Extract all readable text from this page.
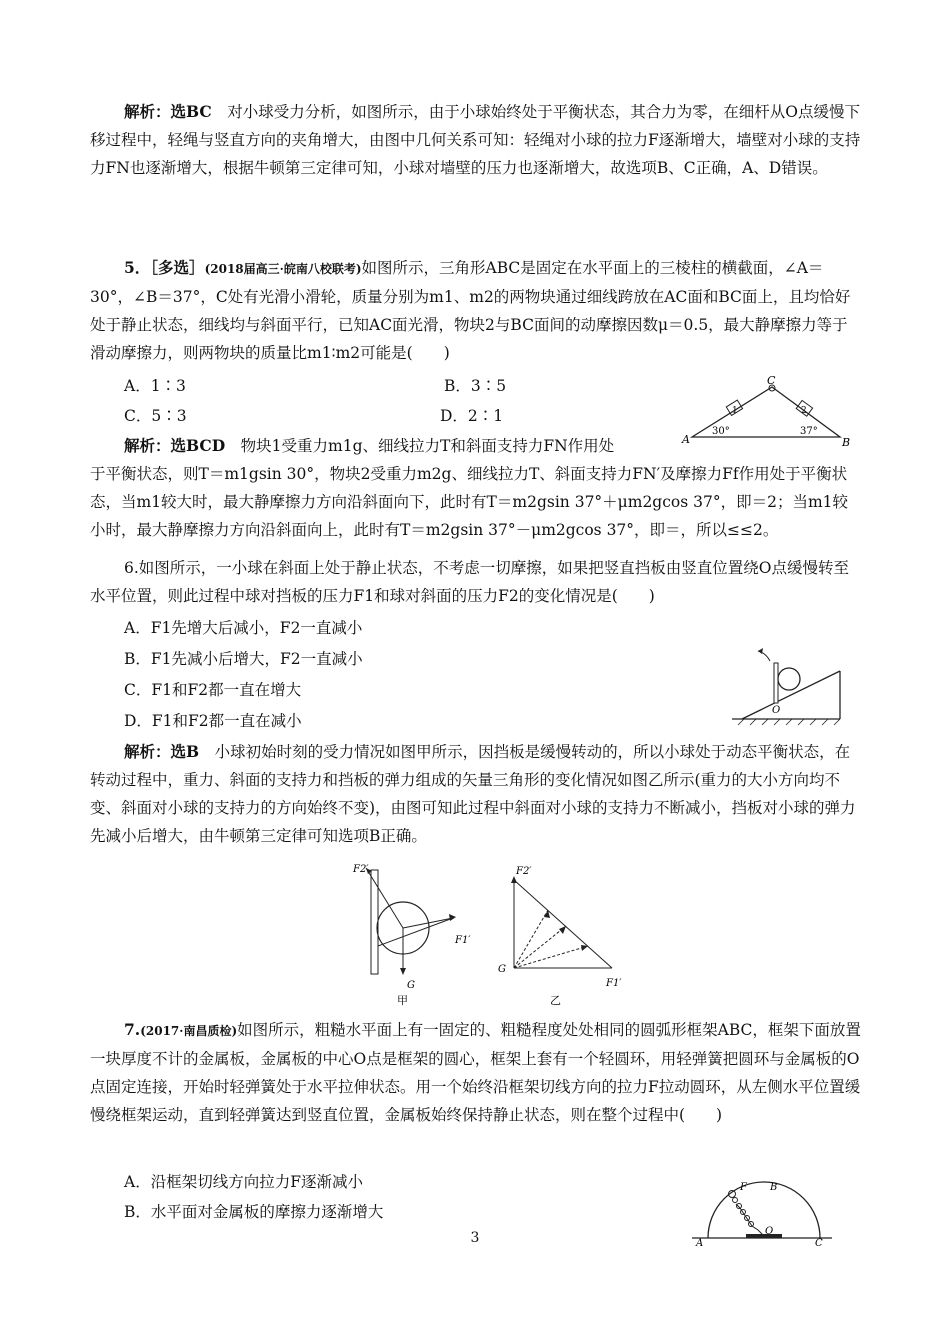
解析：选BC　对小球受力分析，如图所示，由于小球始终处于平衡状态，其合力为零，在细杆从O点缓慢下移过程中，轻绳与竖直方向的夹角增大，由图中几何关系可知：轻绳对小球的拉力F逐渐增大，墙壁对小球的支持力FN也逐渐增大，根据牛顿第三定律可知，小球对墙壁的压力也逐渐增大，故选项B、C正确，A、D错误。

5．［多选］(2018届高三·皖南八校联考)如图所示，三角形ABC是固定在水平面上的三棱柱的横截面，∠A＝30°，∠B＝37°，C处有光滑小滑轮，质量分别为m1、m2的两物块通过细线跨放在AC面和BC面上，且均恰好处于静止状态，细线均与斜面平行，已知AC面光滑，物块2与BC面间的动摩擦因数μ＝0.5，最大静摩擦力等于滑动摩擦力，则两物块的质量比m1∶m2可能是(　　)

A．1∶3	B．3∶5
C．5∶3	D．2∶1	1	2
A	B
C
30°	37°

解析：选BCD　物块1受重力m1g、细线拉力T和斜面支持力FN作用处

于平衡状态，则T＝m1gsin 30°，物块2受重力m2g、细线拉力T、斜面支持力FN′及摩擦力Ff作用处于平衡状态，当m1较大时，最大静摩擦力方向沿斜面向下，此时有T＝m2gsin 37°＋μm2gcos 37°，即＝2；当m1较小时，最大静摩擦力方向沿斜面向上，此时有T＝m2gsin 37°－μm2gcos 37°，即＝，所以≤≤2。

6.如图所示，一小球在斜面上处于静止状态，不考虑一切摩擦，如果把竖直挡板由竖直位置绕O点缓慢转至水平位置，则此过程中球对挡板的压力F1和球对斜面的压力F2的变化情况是(　　)

A．F1先增大后减小，F2一直减小
B．F1先减小后增大，F2一直减小
C．F1和F2都一直在增大
D．F1和F2都一直在减小
O

解析：选B　小球初始时刻的受力情况如图甲所示，因挡板是缓慢转动的，所以小球处于动态平衡状态，在转动过程中，重力、斜面的支持力和挡板的弹力组成的矢量三角形的变化情况如图乙所示(重力的大小方向均不变、斜面对小球的支持力的方向始终不变)，由图可知此过程中斜面对小球的支持力不断减小，挡板对小球的弹力先减小后增大，由牛顿第三定律可知选项B正确。

F2′
F1′
G
甲
F2′
G
F1′
乙

7.(2017·南昌质检)如图所示，粗糙水平面上有一固定的、粗糙程度处处相同的圆弧形框架ABC，框架下面放置一块厚度不计的金属板，金属板的中心O点是框架的圆心，框架上套有一个轻圆环，用轻弹簧把圆环与金属板的O点固定连接，开始时轻弹簧处于水平拉伸状态。用一个始终沿框架切线方向的拉力F拉动圆环，从左侧水平位置缓慢绕框架运动，直到轻弹簧达到竖直位置，金属板始终保持静止状态，则在整个过程中(　　)

A．沿框架切线方向拉力F逐渐减小
B．水平面对金属板的摩擦力逐渐增大
F B
A
O
C
3
